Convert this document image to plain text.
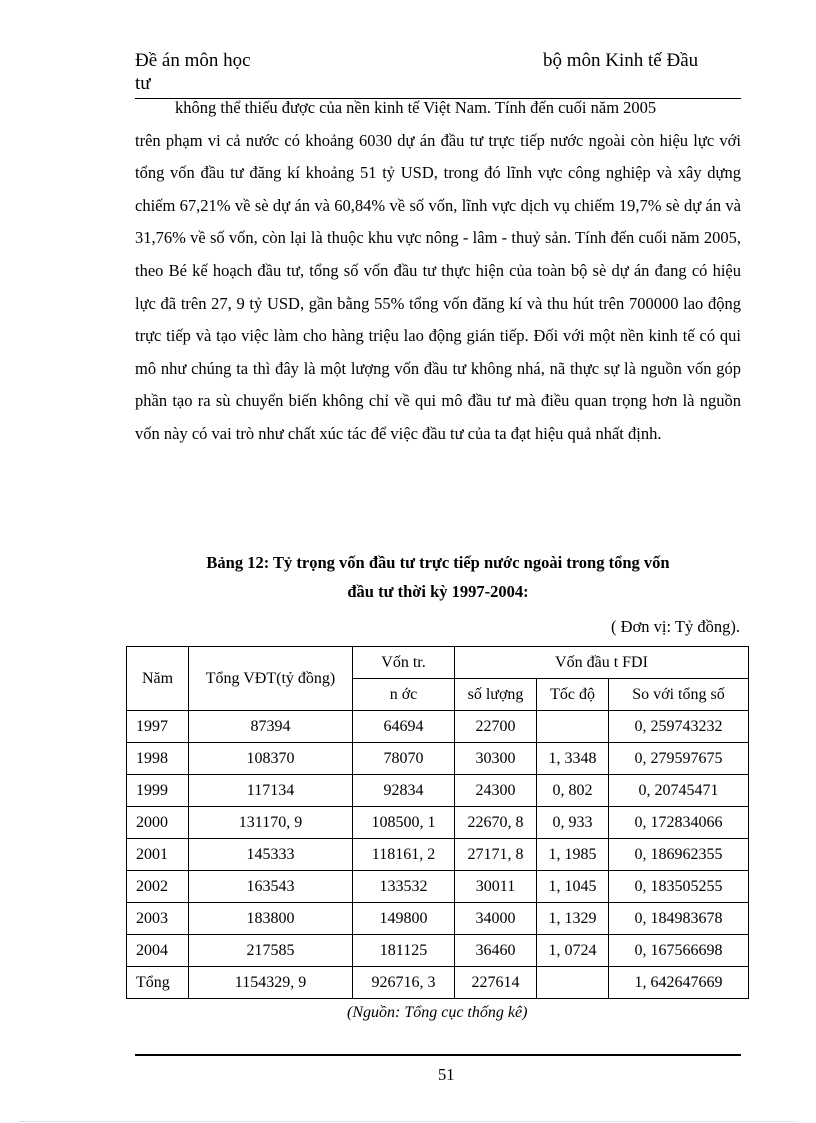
Đề án môn học
tư
bộ môn Kinh tế Đầu

không thể thiếu được của nền kinh tế Việt Nam. Tính đến cuối năm 2005
trên phạm vi cả nước có khoảng 6030 dự án đầu tư trực tiếp nước ngoài còn hiệu lực với tổng vốn đầu tư đăng kí khoảng 51 tỷ USD, trong đó lĩnh vực công nghiệp và xây dựng chiếm 67,21% về sè dự án và 60,84% về số vốn, lĩnh vực dịch vụ chiếm 19,7% sè dự án và 31,76% về số vốn, còn lại là thuộc khu vực nông - lâm - thuỷ sản. Tính đến cuối năm 2005, theo Bé kế hoạch đầu tư, tổng số vốn đầu tư thực hiện của toàn bộ sè dự án đang có hiệu lực đã trên 27, 9 tỷ USD, gần bằng 55% tổng vốn đăng kí và thu hút trên 700000 lao động trực tiếp và tạo việc làm cho hàng triệu lao động gián tiếp. Đối với một nền kinh tế có qui mô như chúng ta thì đây là một lượng vốn đầu tư không nhá, nã thực sự là nguồn vốn góp phần tạo ra sù chuyển biến không chỉ về qui mô đầu tư mà điều quan trọng hơn là nguồn vốn này có vai trò như chất xúc tác để việc đầu tư của ta đạt hiệu quả nhất định.

Bảng 12: Tỷ trọng vốn đầu tư trực tiếp nước ngoài trong tổng vốn
đầu tư thời kỳ 1997-2004:
( Đơn vị: Tỷ đồng).
Năm	Tổng VĐT(tỷ đồng)	Vốn tr.	Vốn đầu t FDI		
		n ớc	số lượng	Tốc độ	So với tổng số
1997	87394	64694	22700		0, 259743232
1998	108370	78070	30300	1, 3348	0, 279597675
1999	117134	92834	24300	0, 802	0, 20745471
2000	131170, 9	108500, 1	22670, 8	0, 933	0, 172834066
2001	145333	118161, 2	27171, 8	1, 1985	0, 186962355
2002	163543	133532	30011	1, 1045	0, 183505255
2003	183800	149800	34000	1, 1329	0, 184983678
2004	217585	181125	36460	1, 0724	0, 167566698
Tổng	1154329, 9	926716, 3	227614		1, 642647669
(Nguồn: Tổng cục thống kê)
51
